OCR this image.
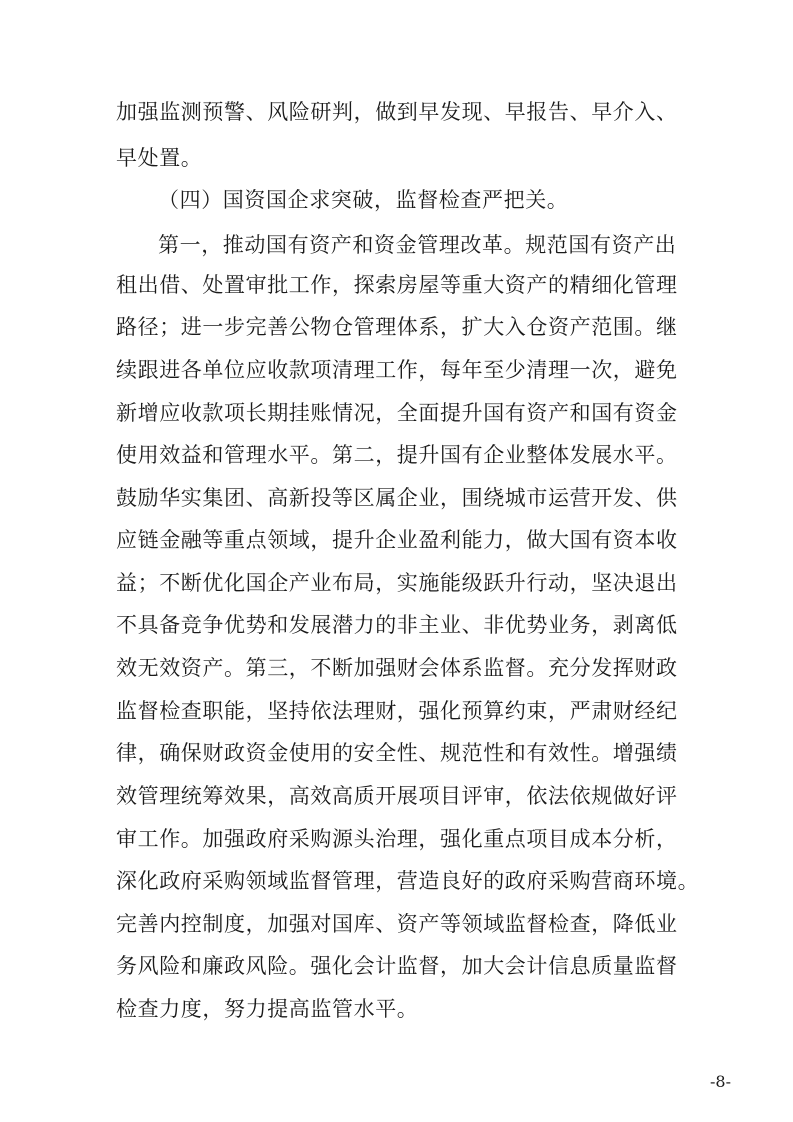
加强监测预警、风险研判，做到早发现、早报告、早介入、
早处置。
（四）国资国企求突破，监督检查严把关。
第一，推动国有资产和资金管理改革。规范国有资产出
租出借、处置审批工作，探索房屋等重大资产的精细化管理
路径；进一步完善公物仓管理体系，扩大入仓资产范围。继
续跟进各单位应收款项清理工作，每年至少清理一次，避免
新增应收款项长期挂账情况，全面提升国有资产和国有资金
使用效益和管理水平。第二，提升国有企业整体发展水平。
鼓励华实集团、高新投等区属企业，围绕城市运营开发、供
应链金融等重点领域，提升企业盈利能力，做大国有资本收
益；不断优化国企产业布局，实施能级跃升行动，坚决退出
不具备竞争优势和发展潜力的非主业、非优势业务，剥离低
效无效资产。第三，不断加强财会体系监督。充分发挥财政
监督检查职能，坚持依法理财，强化预算约束，严肃财经纪
律，确保财政资金使用的安全性、规范性和有效性。增强绩
效管理统筹效果，高效高质开展项目评审，依法依规做好评
审工作。加强政府采购源头治理，强化重点项目成本分析，
深化政府采购领域监督管理，营造良好的政府采购营商环境。
完善内控制度，加强对国库、资产等领域监督检查，降低业
务风险和廉政风险。强化会计监督，加大会计信息质量监督
检查力度，努力提高监管水平。
-8-
